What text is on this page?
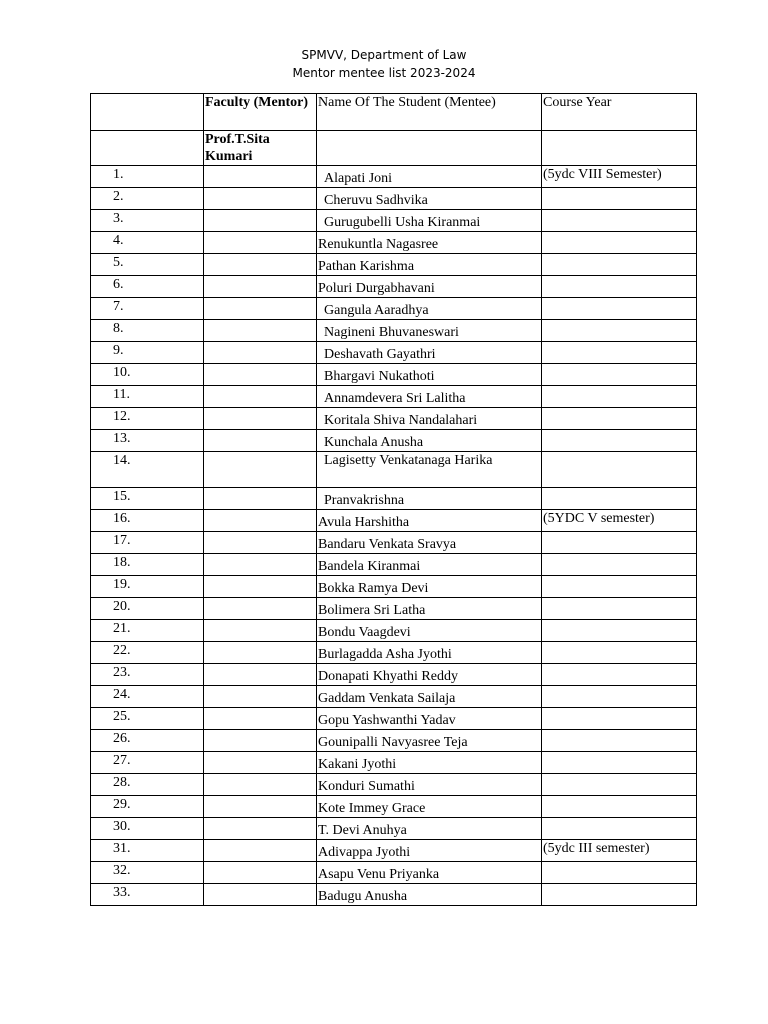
SPMVV, Department of Law
Mentor mentee list 2023-2024
	Faculty (Mentor)	Name Of The Student (Mentee)	Course Year
	Prof.T.Sita Kumari		
1.		Alapati Joni	(5ydc VIII Semester)
2.		Cheruvu Sadhvika	
3.		Gurugubelli Usha Kiranmai	
4.		Renukuntla Nagasree	
5.		Pathan Karishma	
6.		Poluri Durgabhavani	
7.		Gangula Aaradhya	
8.		Nagineni Bhuvaneswari	
9.		Deshavath Gayathri	
10.		Bhargavi Nukathoti	
11.		Annamdevera Sri Lalitha	
12.		Koritala Shiva Nandalahari	
13.		Kunchala Anusha	
14.		Lagisetty Venkatanaga Harika	
15.		Pranvakrishna	
16.		Avula Harshitha	(5YDC V semester)
17.		Bandaru Venkata Sravya	
18.		Bandela Kiranmai	
19.		Bokka Ramya Devi	
20.		Bolimera Sri Latha	
21.		Bondu Vaagdevi	
22.		Burlagadda Asha Jyothi	
23.		Donapati Khyathi Reddy	
24.		Gaddam Venkata Sailaja	
25.		Gopu Yashwanthi Yadav	
26.		Gounipalli Navyasree Teja	
27.		Kakani Jyothi	
28.		Konduri Sumathi	
29.		Kote Immey Grace	
30.		T. Devi Anuhya	
31.		Adivappa Jyothi	(5ydc III semester)
32.		Asapu Venu Priyanka	
33.		Badugu Anusha	
